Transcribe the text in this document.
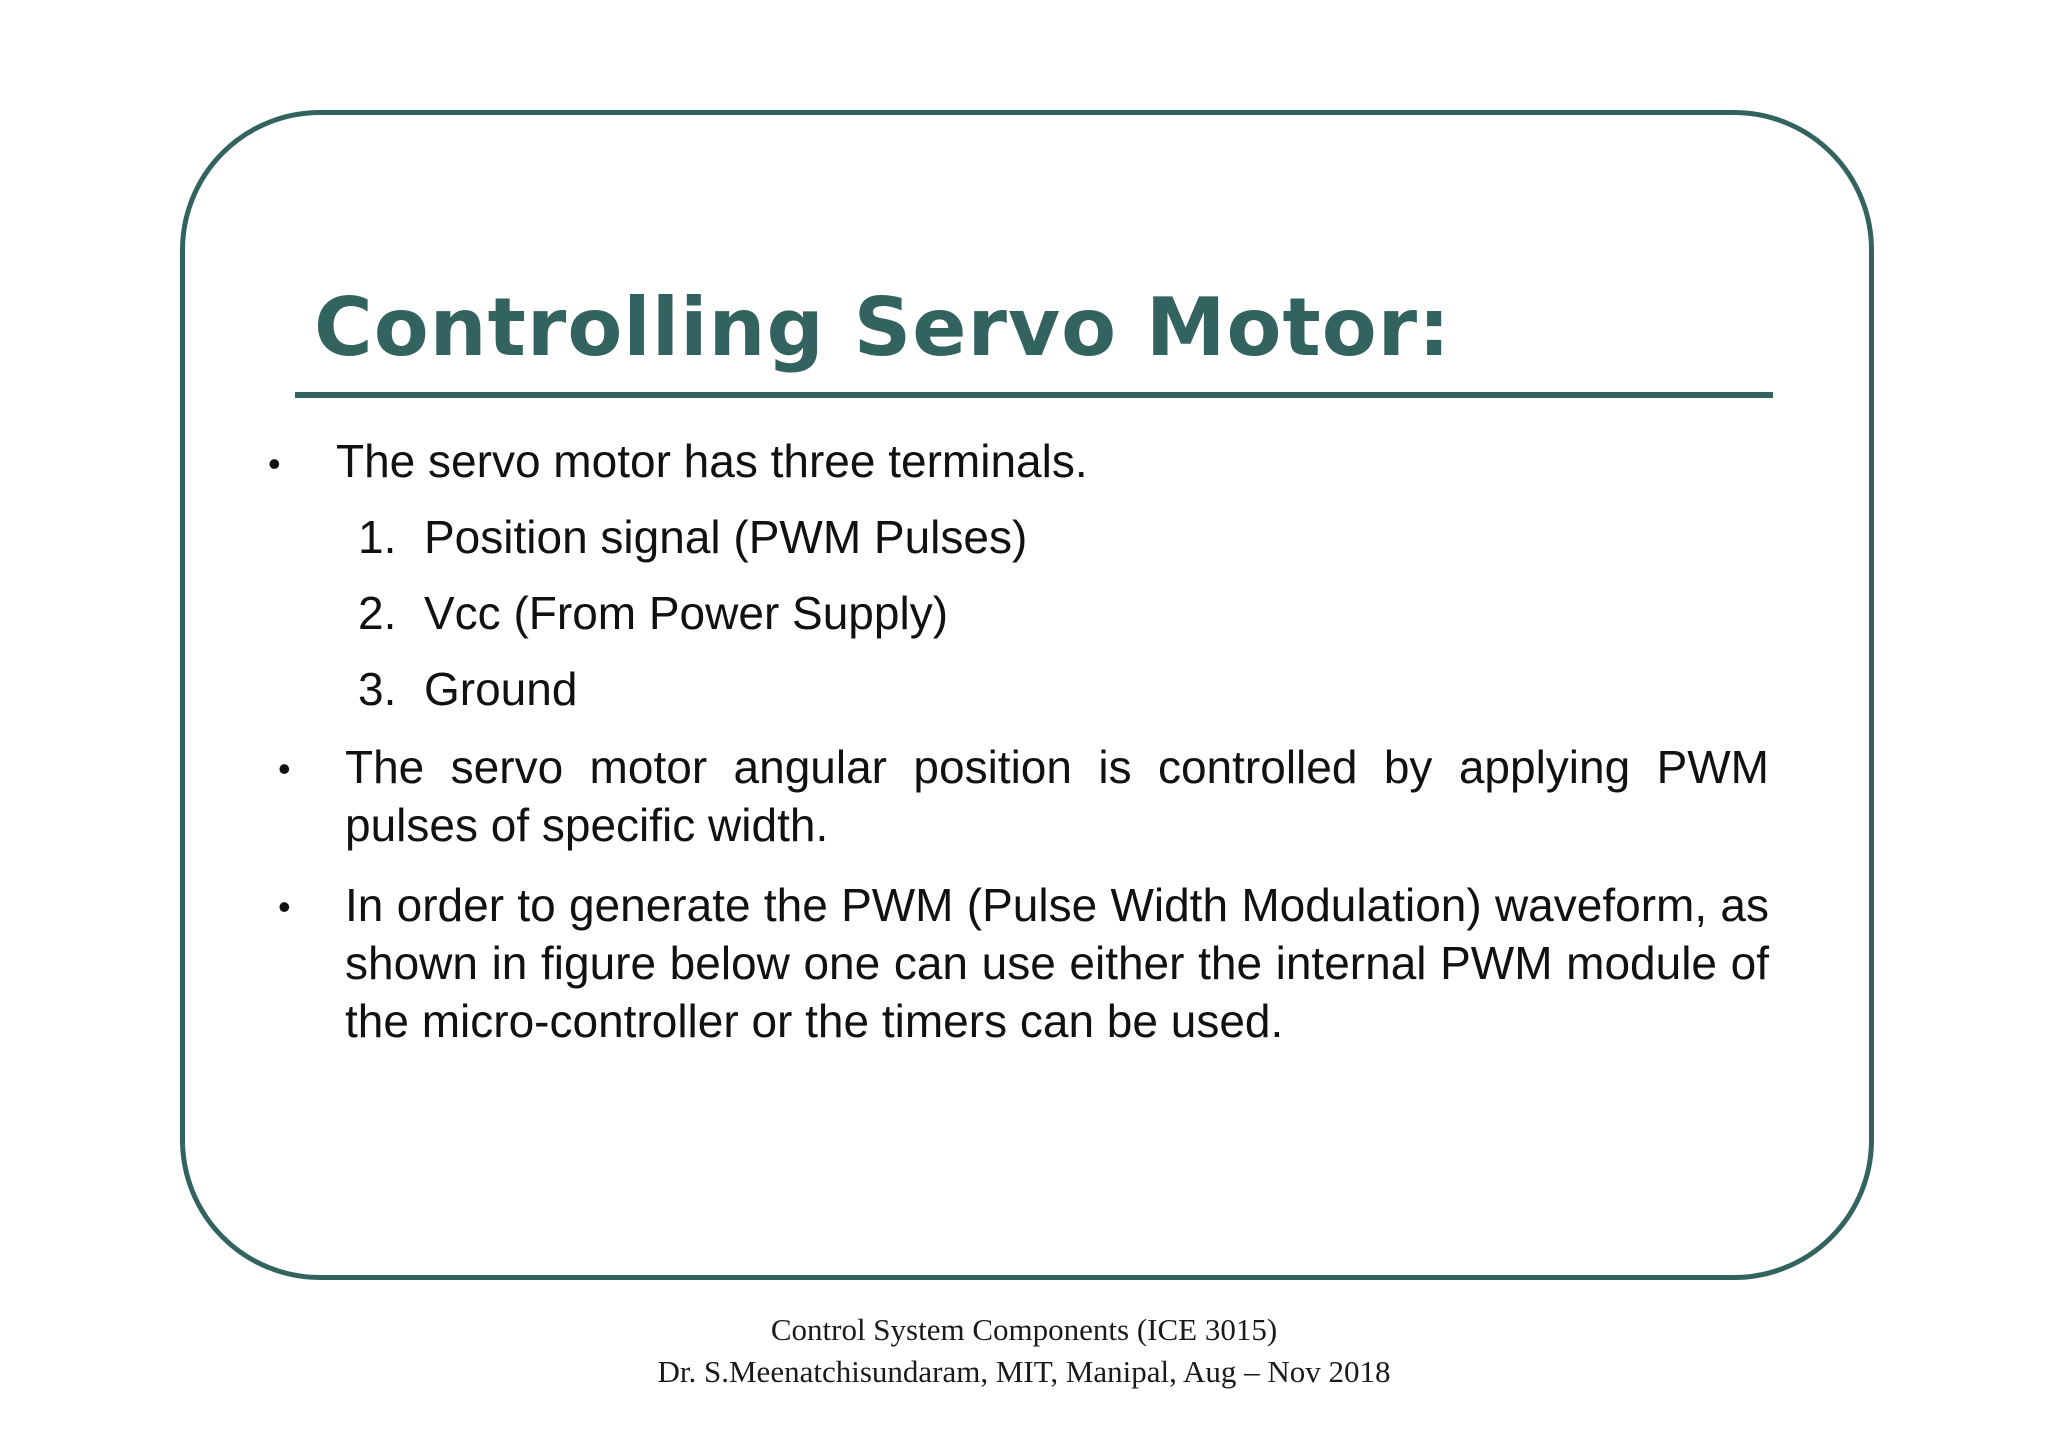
Controlling Servo Motor:
• The servo motor has three terminals.
1. Position signal (PWM Pulses)
2. Vcc (From Power Supply)
3. Ground
• The servo motor angular position is controlled by applying PWM pulses of specific width.
• In order to generate the PWM (Pulse Width Modulation) waveform, as shown in figure below one can use either the internal PWM module of the micro-controller or the timers can be used.
Control System Components (ICE 3015)
Dr. S.Meenatchisundaram, MIT, Manipal, Aug – Nov 2018
